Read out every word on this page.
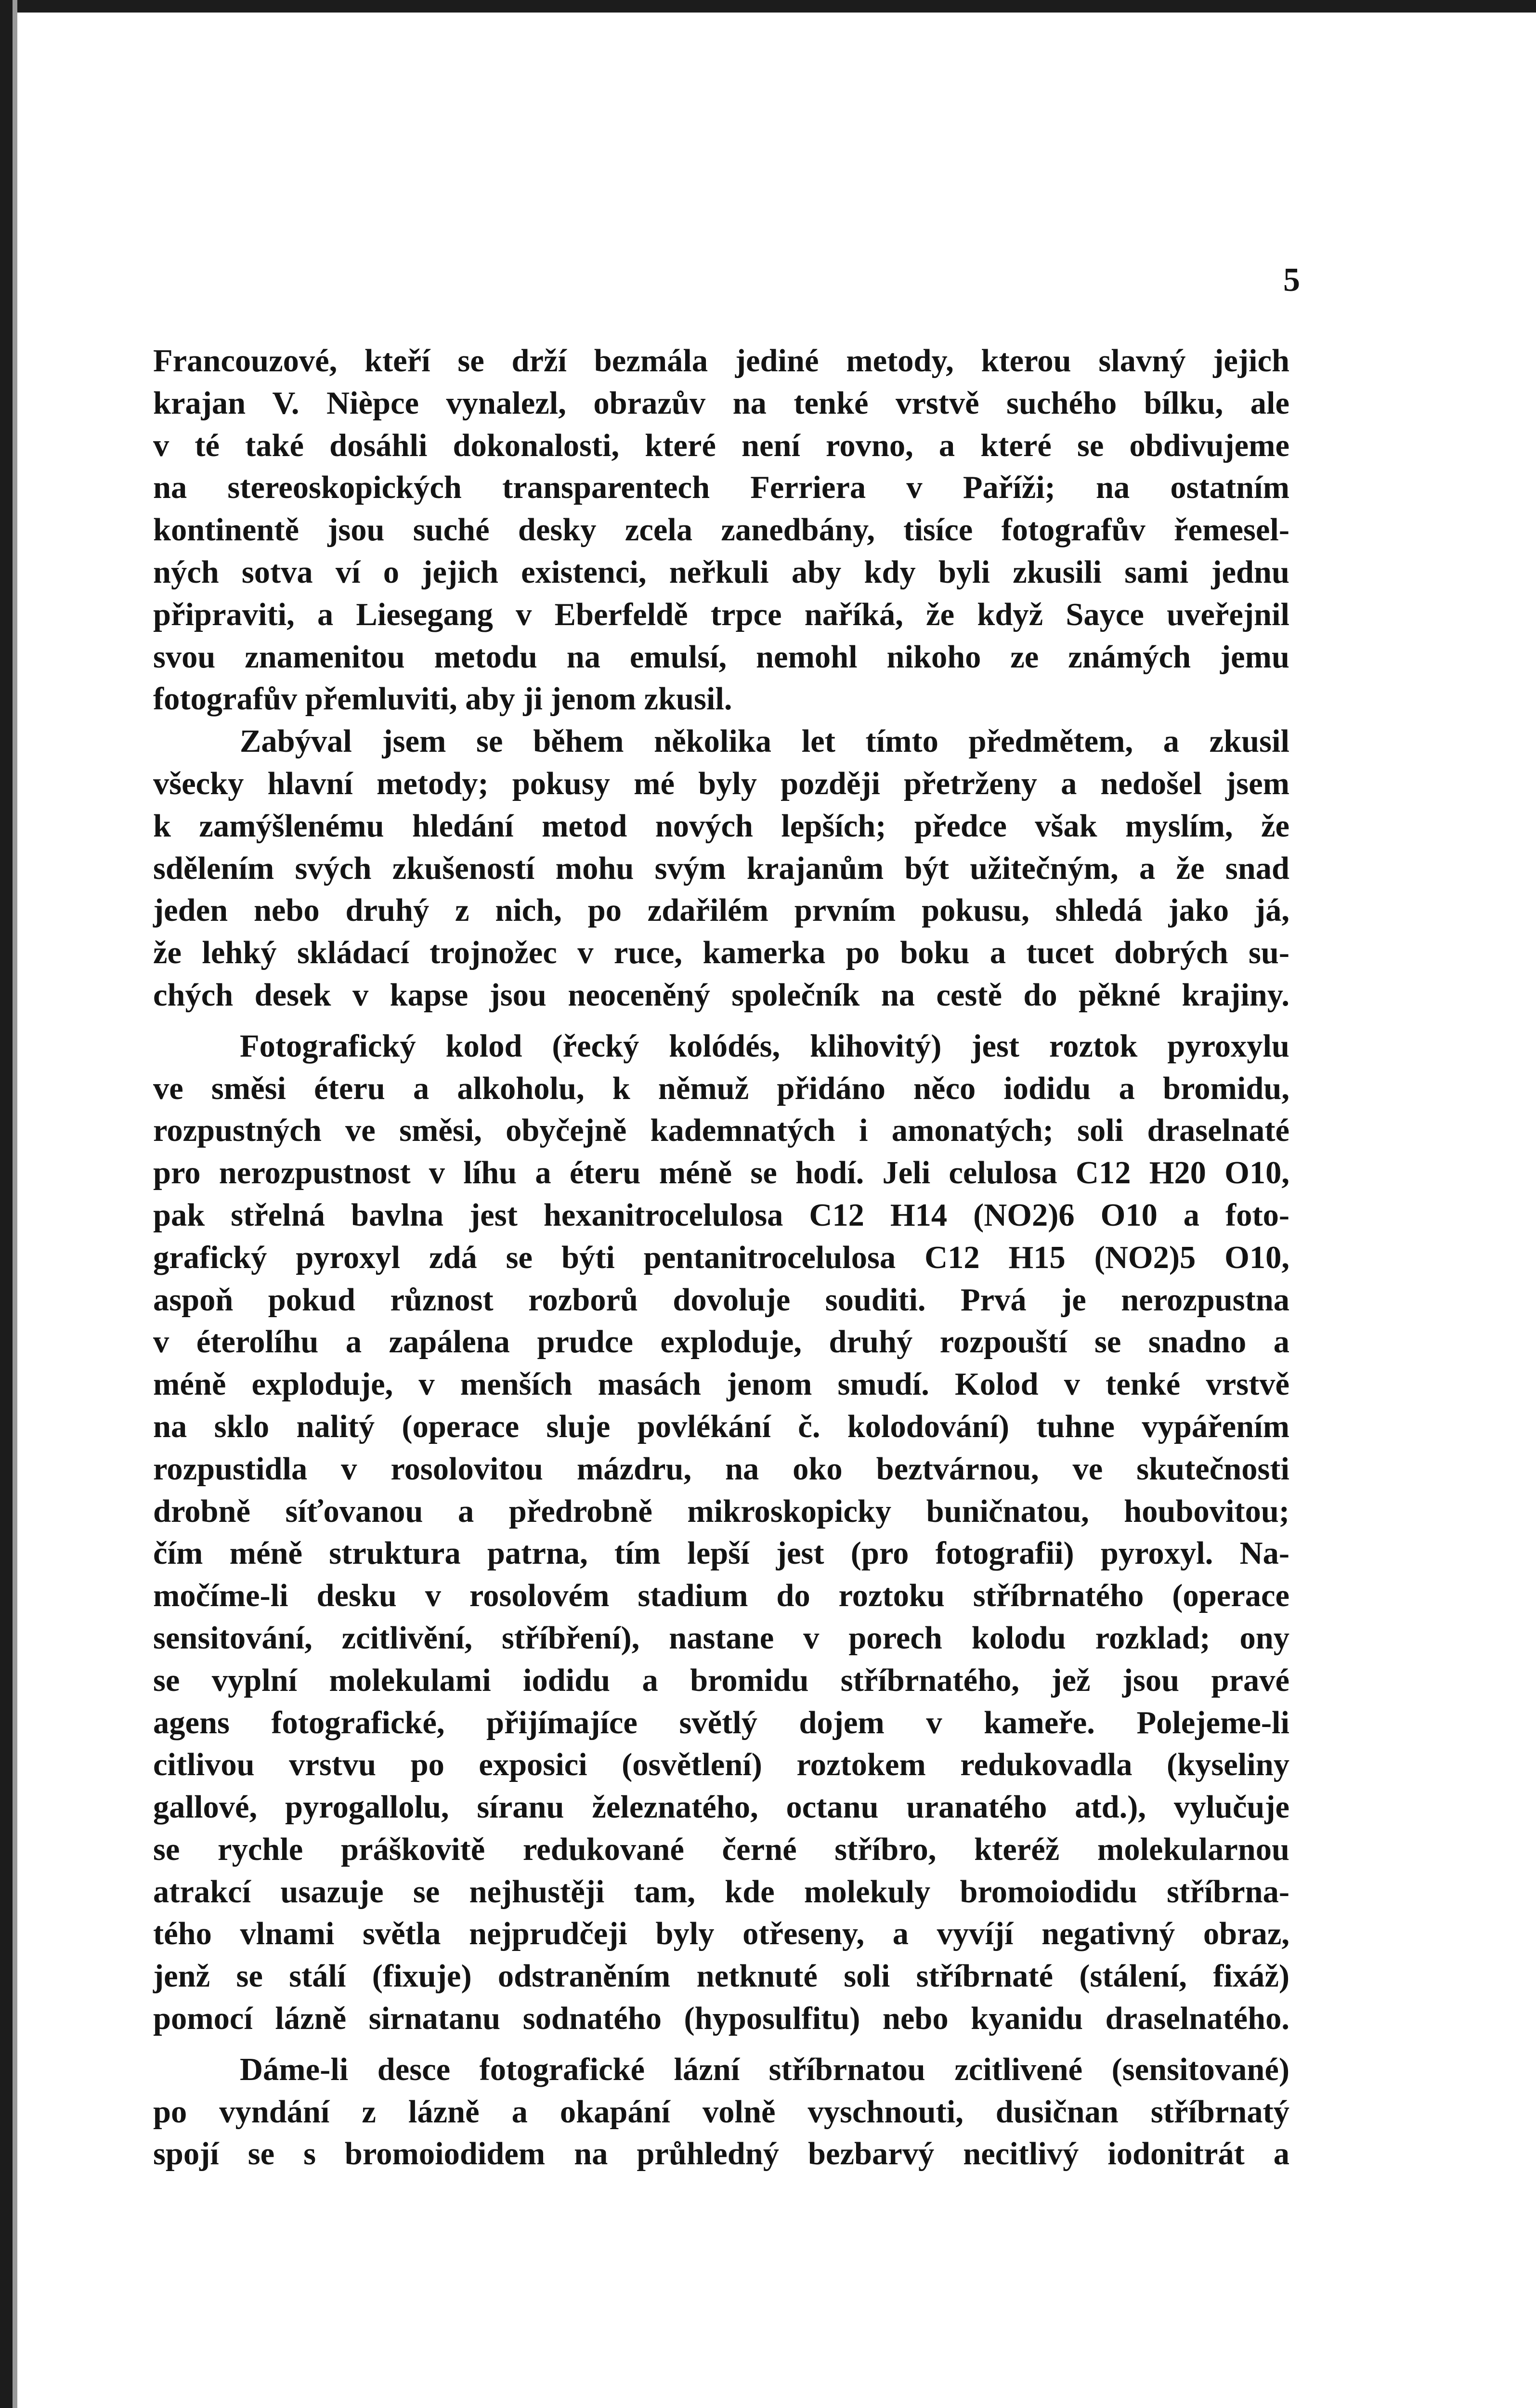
5
Francouzové, kteří se drží bezmála jediné metody, kterou slavný jejich
krajan V. Nièpce vynalezl, obrazův na tenké vrstvě suchého bílku, ale
v té také dosáhli dokonalosti, které není rovno, a které se obdivujeme
na stereoskopických transparentech Ferriera v Paříži; na ostatním
kontinentě jsou suché desky zcela zanedbány, tisíce fotografův řemesel-
ných sotva ví o jejich existenci, neřkuli aby kdy byli zkusili sami jednu
připraviti, a Liesegang v Eberfeldě trpce naříká, že když Sayce uveřejnil
svou znamenitou metodu na emulsí, nemohl nikoho ze známých jemu
fotografův přemluviti, aby ji jenom zkusil.
Zabýval jsem se během několika let tímto předmětem, a zkusil
všecky hlavní metody; pokusy mé byly později přetrženy a nedošel jsem
k zamýšlenému hledání metod nových lepších; předce však myslím, že
sdělením svých zkušeností mohu svým krajanům být užitečným, a že snad
jeden nebo druhý z nich, po zdařilém prvním pokusu, shledá jako já,
že lehký skládací trojnožec v ruce, kamerka po boku a tucet dobrých su-
chých desek v kapse jsou neoceněný společník na cestě do pěkné krajiny.
Fotografický kolod (řecký kolódés, klihovitý) jest roztok pyroxylu
ve směsi éteru a alkoholu, k němuž přidáno něco iodidu a bromidu,
rozpustných ve směsi, obyčejně kademnatých i amonatých; soli draselnaté
pro nerozpustnost v líhu a éteru méně se hodí. Jeli celulosa C12 H20 O10,
pak střelná bavlna jest hexanitrocelulosa C12 H14 (NO2)6 O10 a foto-
grafický pyroxyl zdá se býti pentanitrocelulosa C12 H15 (NO2)5 O10,
aspoň pokud různost rozborů dovoluje souditi. Prvá je nerozpustna
v éterolíhu a zapálena prudce exploduje, druhý rozpouští se snadno a
méně exploduje, v menších masách jenom smudí. Kolod v tenké vrstvě
na sklo nalitý (operace sluje povlékání č. kolodování) tuhne vypářením
rozpustidla v rosolovitou mázdru, na oko beztvárnou, ve skutečnosti
drobně síťovanou a předrobně mikroskopicky buničnatou, houbovitou;
čím méně struktura patrna, tím lepší jest (pro fotografii) pyroxyl. Na-
močíme-li desku v rosolovém stadium do roztoku stříbrnatého (operace
sensitování, zcitlivění, stříbření), nastane v porech kolodu rozklad; ony
se vyplní molekulami iodidu a bromidu stříbrnatého, jež jsou pravé
agens fotografické, přijímajíce světlý dojem v kameře. Polejeme-li
citlivou vrstvu po exposici (osvětlení) roztokem redukovadla (kyseliny
gallové, pyrogallolu, síranu železnatého, octanu uranatého atd.), vylučuje
se rychle práškovitě redukované černé stříbro, kteréž molekularnou
atrakcí usazuje se nejhustěji tam, kde molekuly bromoiodidu stříbrna-
tého vlnami světla nejprudčeji byly otřeseny, a vyvíjí negativný obraz,
jenž se stálí (fixuje) odstraněním netknuté soli stříbrnaté (stálení, fixáž)
pomocí lázně sirnatanu sodnatého (hyposulfitu) nebo kyanidu draselnatého.
Dáme-li desce fotografické lázní stříbrnatou zcitlivené (sensitované)
po vyndání z lázně a okapání volně vyschnouti, dusičnan stříbrnatý
spojí se s bromoiodidem na průhledný bezbarvý necitlivý iodonitrát a
